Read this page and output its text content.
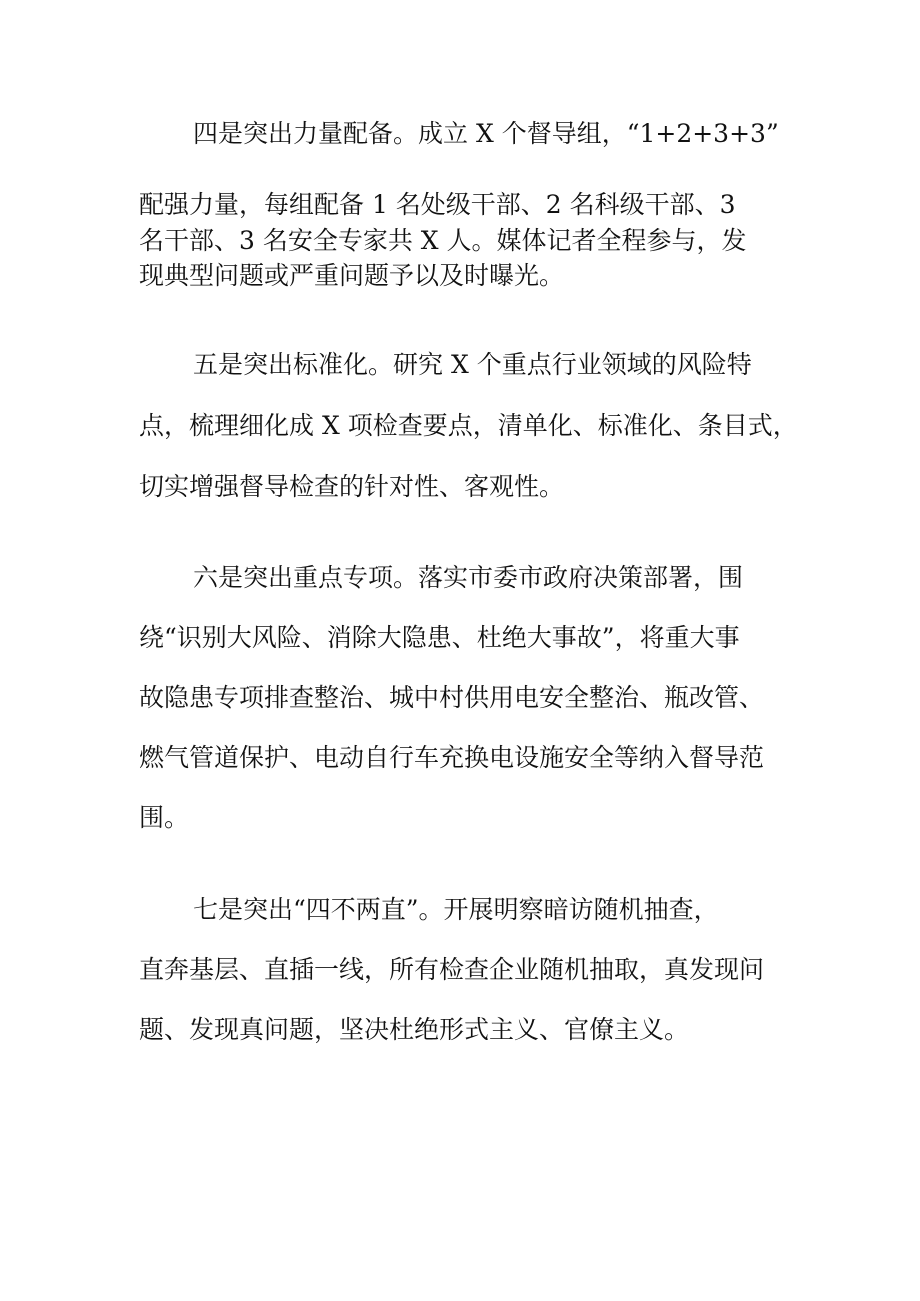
四是突出力量配备。成立 X 个督导组，“1+2+3+3”
配强力量，每组配备 1 名处级干部、2 名科级干部、3
名干部、3 名安全专家共 X 人。媒体记者全程参与，发
现典型问题或严重问题予以及时曝光。
五是突出标准化。研究 X 个重点行业领域的风险特
点，梳理细化成 X 项检查要点，清单化、标准化、条目式，
切实增强督导检查的针对性、客观性。
六是突出重点专项。落实市委市政府决策部署，围
绕“识别大风险、消除大隐患、杜绝大事故”，将重大事
故隐患专项排查整治、城中村供用电安全整治、瓶改管、
燃气管道保护、电动自行车充换电设施安全等纳入督导范
围。
七是突出“四不两直”。开展明察暗访随机抽查，
直奔基层、直插一线，所有检查企业随机抽取，真发现问
题、发现真问题，坚决杜绝形式主义、官僚主义。
